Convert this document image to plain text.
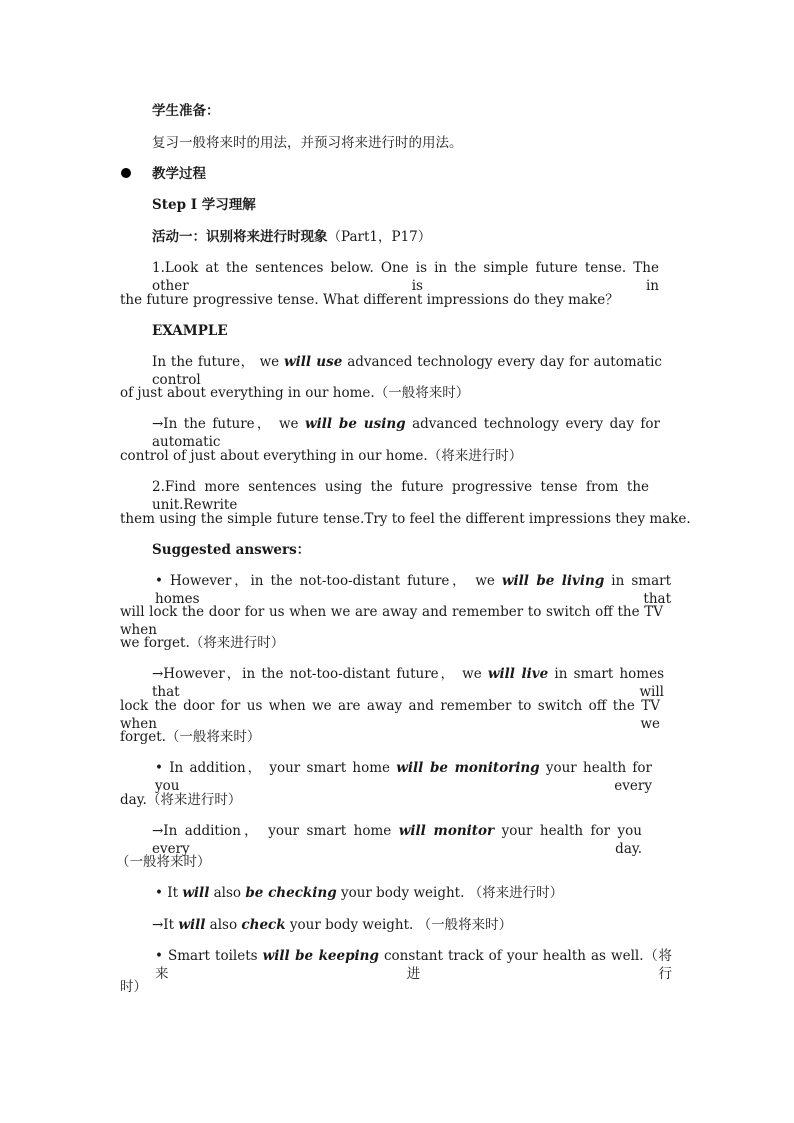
学生准备：
复习一般将来时的用法，并预习将来进行时的用法。
教学过程
Step Ⅰ 学习理解
活动一：识别将来进行时现象（Part1，P17）
1.Look at the sentences below. One is in the simple future tense. The other is in
the future progressive tense. What different impressions do they make？
EXAMPLE
In the future， we will use advanced technology every day for automatic control
of just about everything in our home.（一般将来时）
→In the future， we will be using advanced technology every day for automatic
control of just about everything in our home.（将来进行时）
2.Find more sentences using the future progressive tense from the unit.Rewrite
them using the simple future tense.Try to feel the different impressions they make.
Suggested answers：
• However，in the not-too-distant future， we will be living in smart homes that
will lock the door for us when we are away and remember to switch off the TV when
we forget.（将来进行时）
→However，in the not-too-distant future， we will live in smart homes that will
lock the door for us when we are away and remember to switch off the TV when we
forget.（一般将来时）
• In addition， your smart home will be monitoring your health for you every
day.（将来进行时）
→In addition， your smart home will monitor your health for you every day.
（一般将来时）
• It will also be checking your body weight. （将来进行时）
→It will also check your body weight. （一般将来时）
• Smart toilets will be keeping constant track of your health as well.（将来进行
时）
